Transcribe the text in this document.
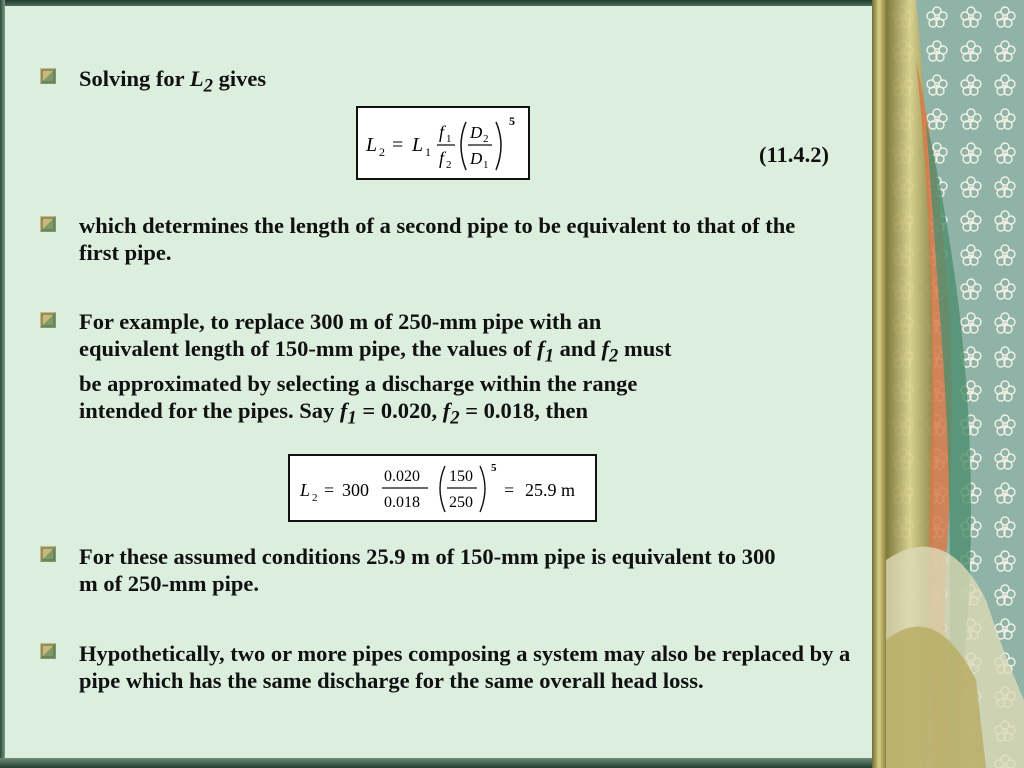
Solving for $L_2$ gives
L 2 = L 1
f 1
f 2
D 2
D 1
5
(11.4.2)
which determines the length of a second pipe to be equivalent to that of the first pipe.
For example, to replace 300 m of 250-mm pipe with an
equivalent length of 150-mm pipe, the values of $f_1$ and $f_2$ must
be approximated by selecting a discharge within the range
intended for the pipes. Say $f_1 = 0.020$, $f_2 = 0.018$, then
L 2 = 300
0.020
0.018
150
250
5
= 25.9 m
For these assumed conditions 25.9 m of 150-mm pipe is equivalent to 300 m of 250-mm pipe.
Hypothetically, two or more pipes composing a system may also be replaced by a pipe which has the same discharge for the same overall head loss.
